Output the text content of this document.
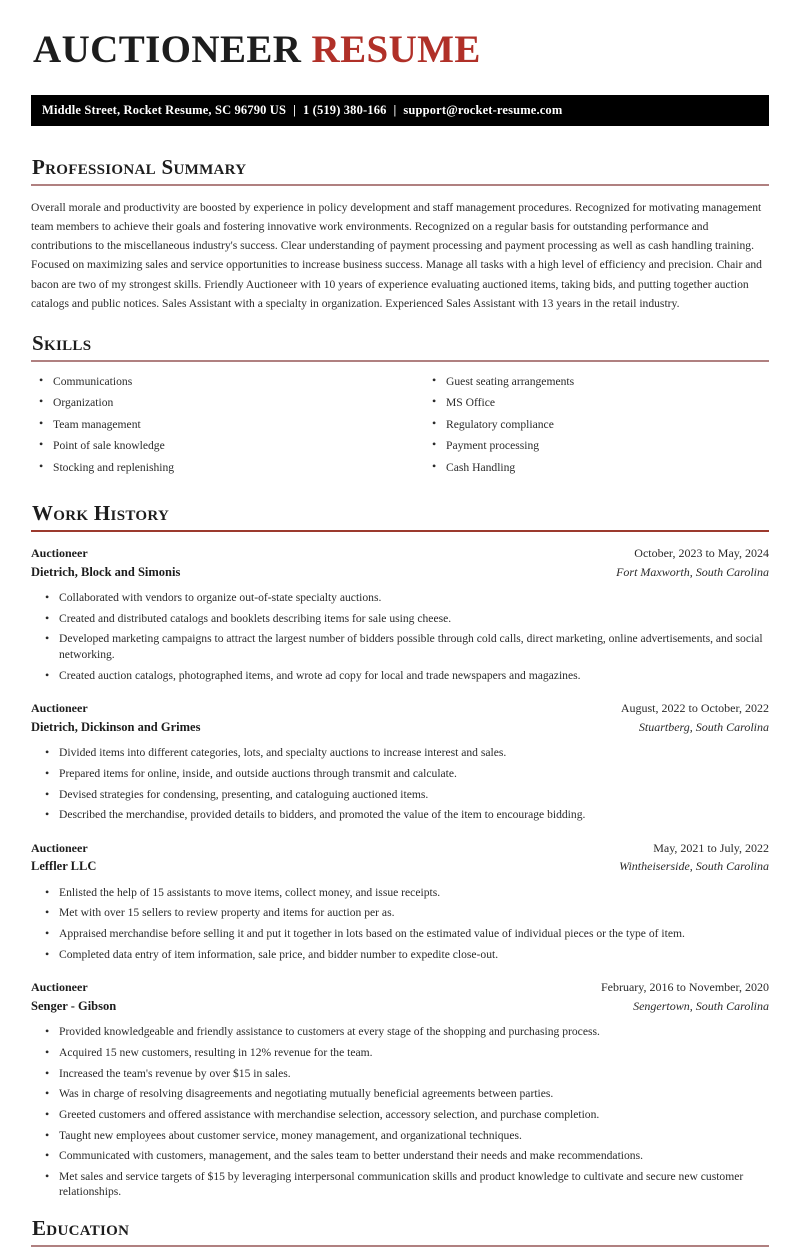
AUCTIONEER RESUME
Middle Street, Rocket Resume, SC 96790 US | 1 (519) 380-166 | support@rocket-resume.com
Professional Summary

Overall morale and productivity are boosted by experience in policy development and staff management procedures. Recognized for motivating management team members to achieve their goals and fostering innovative work environments. Recognized on a regular basis for outstanding performance and contributions to the miscellaneous industry's success. Clear understanding of payment processing and payment processing as well as cash handling training. Focused on maximizing sales and service opportunities to increase business success. Manage all tasks with a high level of efficiency and precision. Chair and bacon are two of my strongest skills. Friendly Auctioneer with 10 years of experience evaluating auctioned items, taking bids, and putting together auction catalogs and public notices. Sales Assistant with a specialty in organization. Experienced Sales Assistant with 13 years in the retail industry.

Skills
• Communications
• Organization
• Team management
• Point of sale knowledge
• Stocking and replenishing
• Guest seating arrangements
• MS Office
• Regulatory compliance
• Payment processing
• Cash Handling
Work History
Auctioneer	October, 2023 to May, 2024
Dietrich, Block and Simonis	Fort Maxworth, South Carolina
• Collaborated with vendors to organize out-of-state specialty auctions.
• Created and distributed catalogs and booklets describing items for sale using cheese.
• Developed marketing campaigns to attract the largest number of bidders possible through cold calls, direct marketing, online advertisements, and social networking.
• Created auction catalogs, photographed items, and wrote ad copy for local and trade newspapers and magazines.
Auctioneer	August, 2022 to October, 2022
Dietrich, Dickinson and Grimes	Stuartberg, South Carolina
• Divided items into different categories, lots, and specialty auctions to increase interest and sales.
• Prepared items for online, inside, and outside auctions through transmit and calculate.
• Devised strategies for condensing, presenting, and cataloguing auctioned items.
• Described the merchandise, provided details to bidders, and promoted the value of the item to encourage bidding.
Auctioneer	May, 2021 to July, 2022
Leffler LLC	Wintheiserside, South Carolina
• Enlisted the help of 15 assistants to move items, collect money, and issue receipts.
• Met with over 15 sellers to review property and items for auction per as.
• Appraised merchandise before selling it and put it together in lots based on the estimated value of individual pieces or the type of item.
• Completed data entry of item information, sale price, and bidder number to expedite close-out.
Auctioneer	February, 2016 to November, 2020
Senger - Gibson	Sengertown, South Carolina
• Provided knowledgeable and friendly assistance to customers at every stage of the shopping and purchasing process.
• Acquired 15 new customers, resulting in 12% revenue for the team.
• Increased the team's revenue by over $15 in sales.
• Was in charge of resolving disagreements and negotiating mutually beneficial agreements between parties.
• Greeted customers and offered assistance with merchandise selection, accessory selection, and purchase completion.
• Taught new employees about customer service, money management, and organizational techniques.
• Communicated with customers, management, and the sales team to better understand their needs and make recommendations.
• Met sales and service targets of $15 by leveraging interpersonal communication skills and product knowledge to cultivate and secure new customer relationships.
Education
